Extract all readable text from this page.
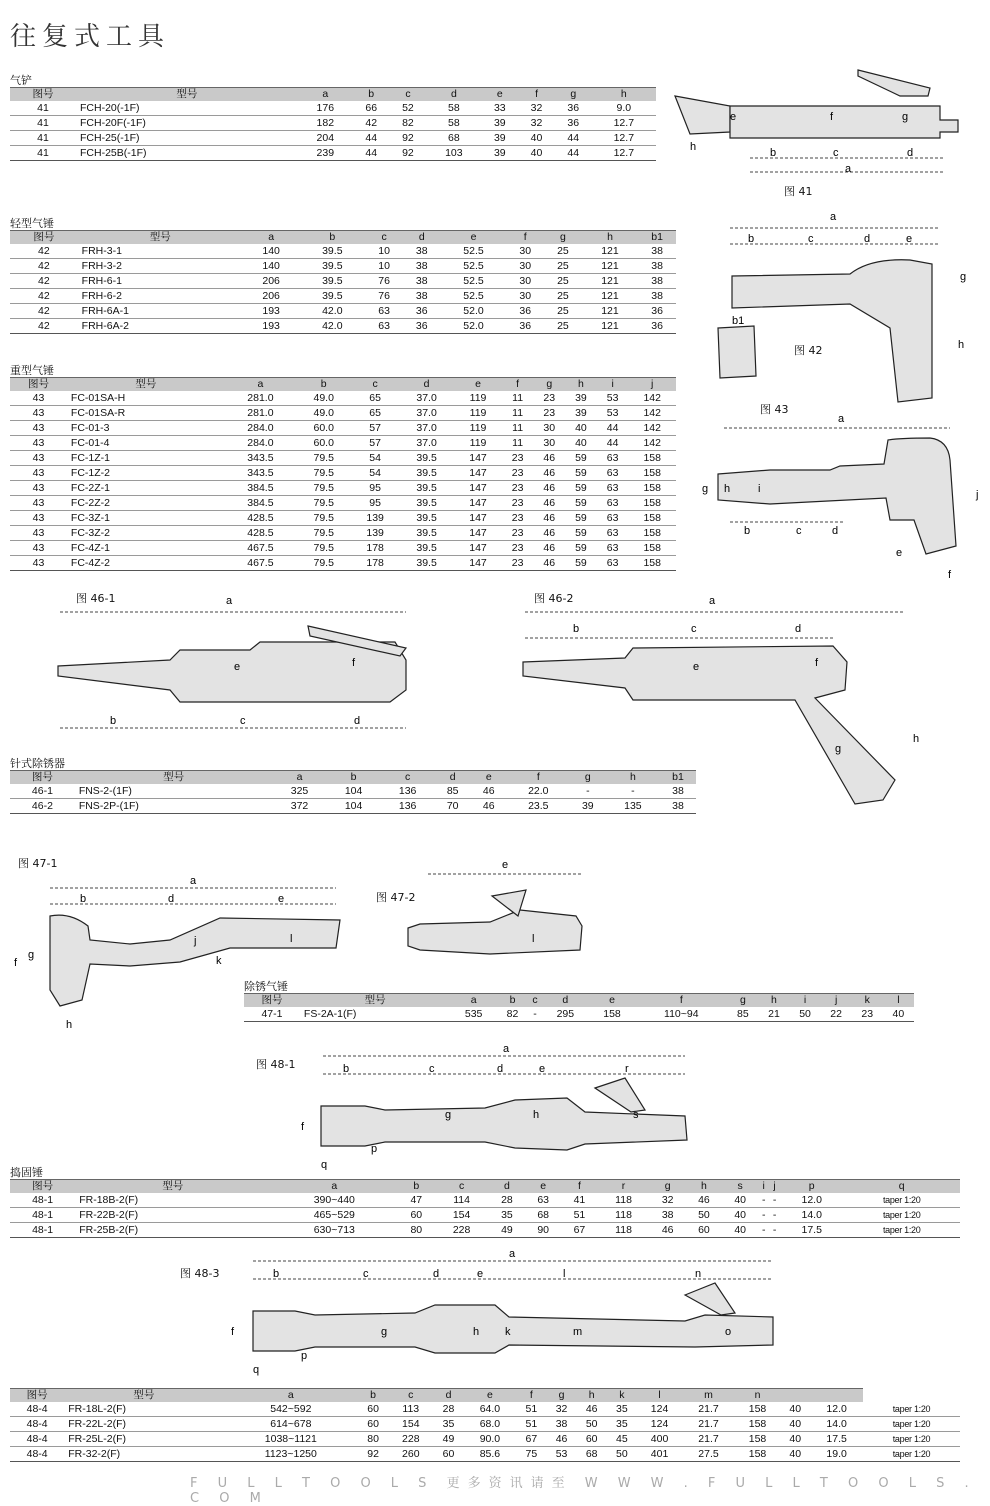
往复式工具
气铲
轻型气锤
重型气锤
针式除锈器
除锈气锤
捣固锤
图号	型号	a	b	c	d	e	f	g	h
41	FCH-20(-1F)	176	66	52	58	33	32	36	9.0
41	FCH-20F(-1F)	182	42	82	58	39	32	36	12.7
41	FCH-25(-1F)	204	44	92	68	39	40	44	12.7
41	FCH-25B(-1F)	239	44	92	103	39	40	44	12.7
图号	型号	a	b	c	d	e	f	g	h	b1
42	FRH-3-1	140	39.5	10	38	52.5	30	25	121	38
42	FRH-3-2	140	39.5	10	38	52.5	30	25	121	38
42	FRH-6-1	206	39.5	76	38	52.5	30	25	121	38
42	FRH-6-2	206	39.5	76	38	52.5	30	25	121	38
42	FRH-6A-1	193	42.0	63	36	52.0	36	25	121	36
42	FRH-6A-2	193	42.0	63	36	52.0	36	25	121	36
图号	型号	a	b	c	d	e	f	g	h	i	j
43	FC-01SA-H	281.0	49.0	65	37.0	119	11	23	39	53	142
43	FC-01SA-R	281.0	49.0	65	37.0	119	11	23	39	53	142
43	FC-01-3	284.0	60.0	57	37.0	119	11	30	40	44	142
43	FC-01-4	284.0	60.0	57	37.0	119	11	30	40	44	142
43	FC-1Z-1	343.5	79.5	54	39.5	147	23	46	59	63	158
43	FC-1Z-2	343.5	79.5	54	39.5	147	23	46	59	63	158
43	FC-2Z-1	384.5	79.5	95	39.5	147	23	46	59	63	158
43	FC-2Z-2	384.5	79.5	95	39.5	147	23	46	59	63	158
43	FC-3Z-1	428.5	79.5	139	39.5	147	23	46	59	63	158
43	FC-3Z-2	428.5	79.5	139	39.5	147	23	46	59	63	158
43	FC-4Z-1	467.5	79.5	178	39.5	147	23	46	59	63	158
43	FC-4Z-2	467.5	79.5	178	39.5	147	23	46	59	63	158
图号	型号	a	b	c	d	e	f	g	h	b1
46-1	FNS-2-(1F)	325	104	136	85	46	22.0	-	-	38
46-2	FNS-2P-(1F)	372	104	136	70	46	23.5	39	135	38
图号	型号	a	b	c	d	e	f	g	h	i	j	k	l
47-1	FS-2A-1(F)	535	82	-	295	158	110~94	85	21	50	22	23	40
图号	型号	a	b	c	d	e	f	r	g	h	s	i	j	p	q
48-1	FR-18B-2(F)	390~440	47	114	28	63	41	118	32	46	40	-	-	12.0	taper 1:20
48-1	FR-22B-2(F)	465~529	60	154	35	68	51	118	38	50	40	-	-	14.0	taper 1:20
48-1	FR-25B-2(F)	630~713	80	228	49	90	67	118	46	60	40	-	-	17.5	taper 1:20
图号	型号	a	b	c	d	e	f	g	h	k	l	m	n			
48-4	FR-18L-2(F)	542~592	60	113	28	64.0	51	32	46	35	124	21.7	158	40	12.0	taper 1:20
48-4	FR-22L-2(F)	614~678	60	154	35	68.0	51	38	50	35	124	21.7	158	40	14.0	taper 1:20
48-4	FR-25L-2(F)	1038~1121	80	228	49	90.0	67	46	60	45	400	21.7	158	40	17.5	taper 1:20
48-4	FR-32-2(F)	1123~1250	92	260	60	85.6	75	53	68	50	401	27.5	158	40	19.0	taper 1:20
e	f	g
h	b	c	d
a
图 41
a
b	c	d	e
g
h
b1
图 42
图 43
a
g h	i
b	c	d
e
f
j
a
e	f
b	c	d
图 46-1	a
b	c	d
e	f
g
h
图 46-2
a
b	d	e
f
g
h
j
k
l
图 47-1	e
l
图 47-2
a
b	c	d	e	r
f
g	h	s
q
p
图 48-1
a
b	c	d	e	l	n
f	g	h k	m	o
q
p
图 48-3
F U L L T O O L S 更多资讯请至 W W W . F U L L T O O L S . C O M
